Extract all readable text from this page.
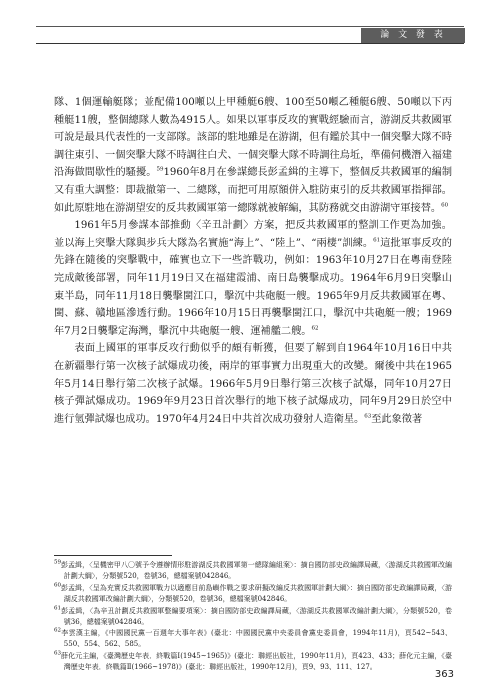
論 文 發 表

隊、1個運輸艇隊；並配備100噸以上甲種艇6艘、100至50噸乙種艇6艘、50噸以下丙種艇11艘，整個總隊人數為4915人。如果以軍事反攻的實戰經驗而言，游湖反共救國軍可說是最具代表性的一支部隊。該部的駐地雖是在游湖，但有鑑於其中一個突擊大隊不時調往東引、一個突擊大隊不時調往白犬、一個突擊大隊不時調往烏坵，準備伺機潛入福建沿海做間歇性的騷擾。$^{59}$1960年8月在參謀總長彭孟緝的主導下，整個反共救國軍的編制又有重大調整：即裁撤第一、二總隊，而把可用原額併入駐防東引的反共救國軍指揮部。如此原駐地在游湖望安的反共救國軍第一總隊就被解編，其防務就交由游湖守軍接替。$^{60}$

1961年5月參謀本部推動〈辛丑計劃〉方案，把反共救國軍的整訓工作更為加強。並以海上突擊大隊與步兵大隊為名實施“海上”、“陸上”、“兩棲”訓練。$^{61}$這批軍事反攻的先鋒在隨後的突擊戰中，確實也立下一些許戰功，例如：1963年10月27日在粵南登陸完成敵後部署，同年11月19日又在福建霞浦、南日島襲擊成功。1964年6月9日突擊山東半島，同年11月18日襲擊閩江口，擊沉中共砲艇一艘。1965年9月反共救國軍在粵、閩、蘇、贛地區滲透行動。1966年10月15日再襲擊閩江口，擊沉中共砲艇一艘；1969年7月2日襲擊定海灣，擊沉中共砲艇一艘、運補艦二艘。$^{62}$

表面上國軍的軍事反攻行動似乎的頗有斬獲，但要了解到自1964年10月16日中共在新疆舉行第一次核子試爆成功後，兩岸的軍事實力出現重大的改變。爾後中共在1965年5月14日舉行第二次核子試爆。1966年5月9日舉行第三次核子試爆，同年10月27日核子彈試爆成功。1969年9月23日首次舉行的地下核子試爆成功，同年9月29日於空中進行氫彈試爆也成功。1970年4月24日中共首次成功發射人造衛星。$^{63}$至此象徵著

$^{59}$彭孟緝，〈呈機密甲八〇號予令遵辦情形駐游湖反共救國軍第一總隊編組案〉：摘自國防部史政編譯局藏，〈游湖反共救國軍改編計劃大綱〉，分類號520，卷號36，總檔案號042846。

$^{60}$彭孟緝，〈呈為充實反共救國軍戰力以適應目前島嶼作戰之要求研擬改編反共救國軍計劃大綱〉：摘自國防部史政編譯局藏，〈游湖反共救國軍改編計劃大綱〉，分類號520，卷號36，總檔案號042846。

$^{61}$彭孟緝，〈為辛丑計劃反共救國軍整編要項案〉：摘自國防部史政編譯局藏，〈游湖反共救國軍改編計劃大綱〉，分類號520，卷號36，總檔案號042846。

$^{62}$李雲漢主編，《中國國民黨一百週年大事年表》(臺北：中國國民黨中央委員會黨史委員會，1994年11月)，頁542~543、550、554、562、585。

$^{63}$薛化元主編，《臺灣歷史年表．終戰篇Ⅰ(1945~1965)》(臺北：聯經出版社，1990年11月)，頁423、433；薛化元主編，《臺灣歷史年表．終戰篇Ⅱ(1966~1978)》(臺北：聯經出版社，1990年12月)，頁9、93、111、127。

363
